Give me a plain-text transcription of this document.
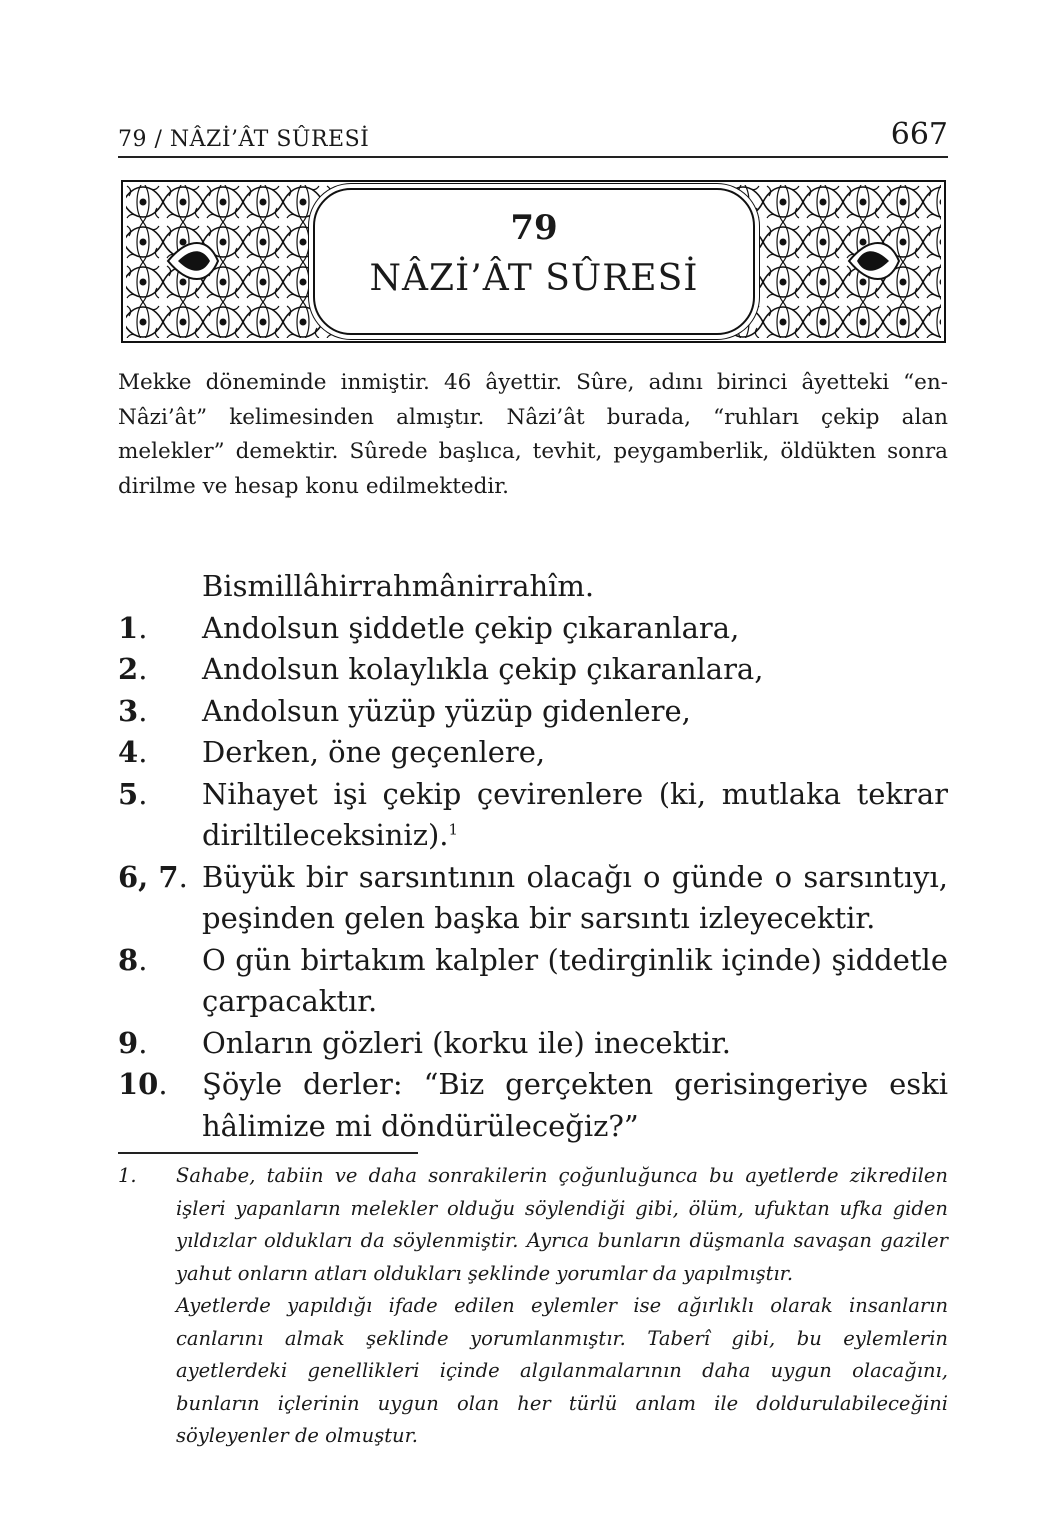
79 / NÂZİ’ÂT SÛRESİ	667
79
NÂZİ’ÂT SÛRESİ

Mekke döneminde inmiştir. 46 âyettir. Sûre, adını birinci âyetteki “en-Nâzi’ât” kelimesinden almıştır. Nâzi’ât burada, “ruhları çekip alan melekler” demektir. Sûrede başlıca, tevhit, peygamberlik, öldükten sonra dirilme ve hesap konu edilmektedir.

Bismillâhirrahmânirrahîm.
1. Andolsun şiddetle çekip çıkaranlara,
2. Andolsun kolaylıkla çekip çıkaranlara,
3. Andolsun yüzüp yüzüp gidenlere,
4. Derken, öne geçenlere,
5. Nihayet işi çekip çevirenlere (ki, mutlaka tekrar diriltileceksiniz).$^1$
6, 7. Büyük bir sarsıntının olacağı o günde o sarsıntıyı, peşinden gelen başka bir sarsıntı izleyecektir.
8. O gün birtakım kalpler (tedirginlik içinde) şiddetle çarpacaktır.
9. Onların gözleri (korku ile) inecektir.
10. Şöyle derler: “Biz gerçekten gerisingeriye eski hâlimize mi döndürüleceğiz?”
1. Sahabe, tabiin ve daha sonrakilerin çoğunluğunca bu ayetlerde zikredilen işleri yapanların melekler olduğu söylendiği gibi, ölüm, ufuktan ufka giden yıldızlar oldukları da söylenmiştir. Ayrıca bunların düşmanla savaşan gaziler yahut onların atları oldukları şeklinde yorumlar da yapılmıştır.

Ayetlerde yapıldığı ifade edilen eylemler ise ağırlıklı olarak insanların canlarını almak şeklinde yorumlanmıştır. Taberî gibi, bu eylemlerin ayetlerdeki genellikleri içinde algılanmalarının daha uygun olacağını, bunların içlerinin uygun olan her türlü anlam ile doldurulabileceğini söyleyenler de olmuştur.
